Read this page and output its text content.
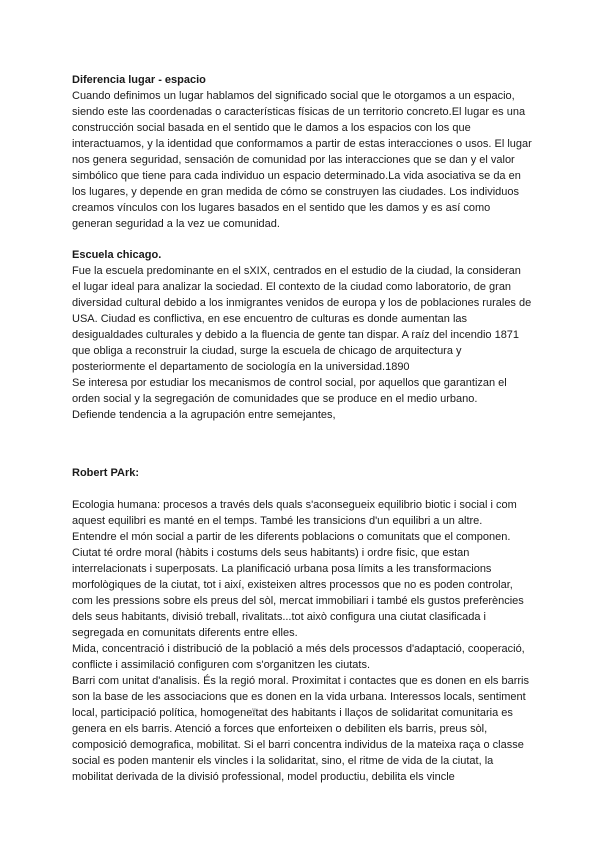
Diferencia lugar - espacio

Cuando definimos un lugar hablamos del significado social que le otorgamos a un espacio, siendo este las coordenadas o características físicas de un territorio concreto.El lugar es una construcción social basada en el sentido que le damos a los espacios con los que interactuamos, y la identidad que conformamos a partir de estas interacciones o usos. El lugar nos genera seguridad, sensación de comunidad por las interacciones que se dan y el valor simbólico que tiene para cada individuo un espacio determinado.La vida asociativa se da en los lugares, y depende en gran medida de cómo se construyen las ciudades. Los individuos creamos vínculos con los lugares basados en el sentido que les damos y es así como generan seguridad a la vez ue comunidad.

Escuela chicago.

Fue la escuela predominante en el sXIX, centrados en el estudio de la ciudad, la consideran el lugar ideal para analizar la sociedad. El contexto de la ciudad como laboratorio, de gran diversidad cultural debido a los inmigrantes venidos de europa y los de poblaciones rurales de USA. Ciudad es conflictiva, en ese encuentro de culturas es donde aumentan las desigualdades culturales y debido a la fluencia de gente tan dispar. A raíz del incendio 1871 que obliga a reconstruir la ciudad, surge la escuela de chicago de arquitectura y posteriormente el departamento de sociología en la universidad.1890

Se interesa por estudiar los mecanismos de control social, por aquellos que garantizan el orden social y la segregación de comunidades que se produce en el medio urbano.

Defiende tendencia a la agrupación entre semejantes,

Robert PArk:

Ecologia humana: procesos a través dels quals s'aconsegueix equilibrio biotic i social i com aquest equilibri es manté en el temps. També les transicions d'un equilibri a un altre.

Entendre el món social a partir de les diferents poblacions o comunitats que el componen.

Ciutat té ordre moral (hàbits i costums dels seus habitants) i ordre fisic, que estan interrelacionats i superposats. La planificació urbana posa límits a les transformacions morfològiques de la ciutat, tot i així, existeixen altres processos que no es poden controlar, com les pressions sobre els preus del sòl, mercat immobiliari i també els gustos preferències dels seus habitants, divisió treball, rivalitats...tot això configura una ciutat clasificada i segregada en comunitats diferents entre elles.

Mida, concentració i distribució de la població a més dels processos d'adaptació, cooperació, conflicte i assimilació configuren com s'organitzen les ciutats.

Barri com unitat d'analisis. És la regió moral. Proximitat i contactes que es donen en els barris son la base de les associacions que es donen en la vida urbana. Interessos locals, sentiment local, participació política, homogeneïtat des habitants i llaços de solidaritat comunitaria es genera en els barris. Atenció a forces que enforteixen o debiliten els barris, preus sòl, composició demografica, mobilitat. Si el barri concentra individus de la mateixa raça o classe social es poden mantenir els vincles i la solidaritat, sino, el ritme de vida de la ciutat, la mobilitat derivada de la divisió professional, model productiu, debilita els vincle
